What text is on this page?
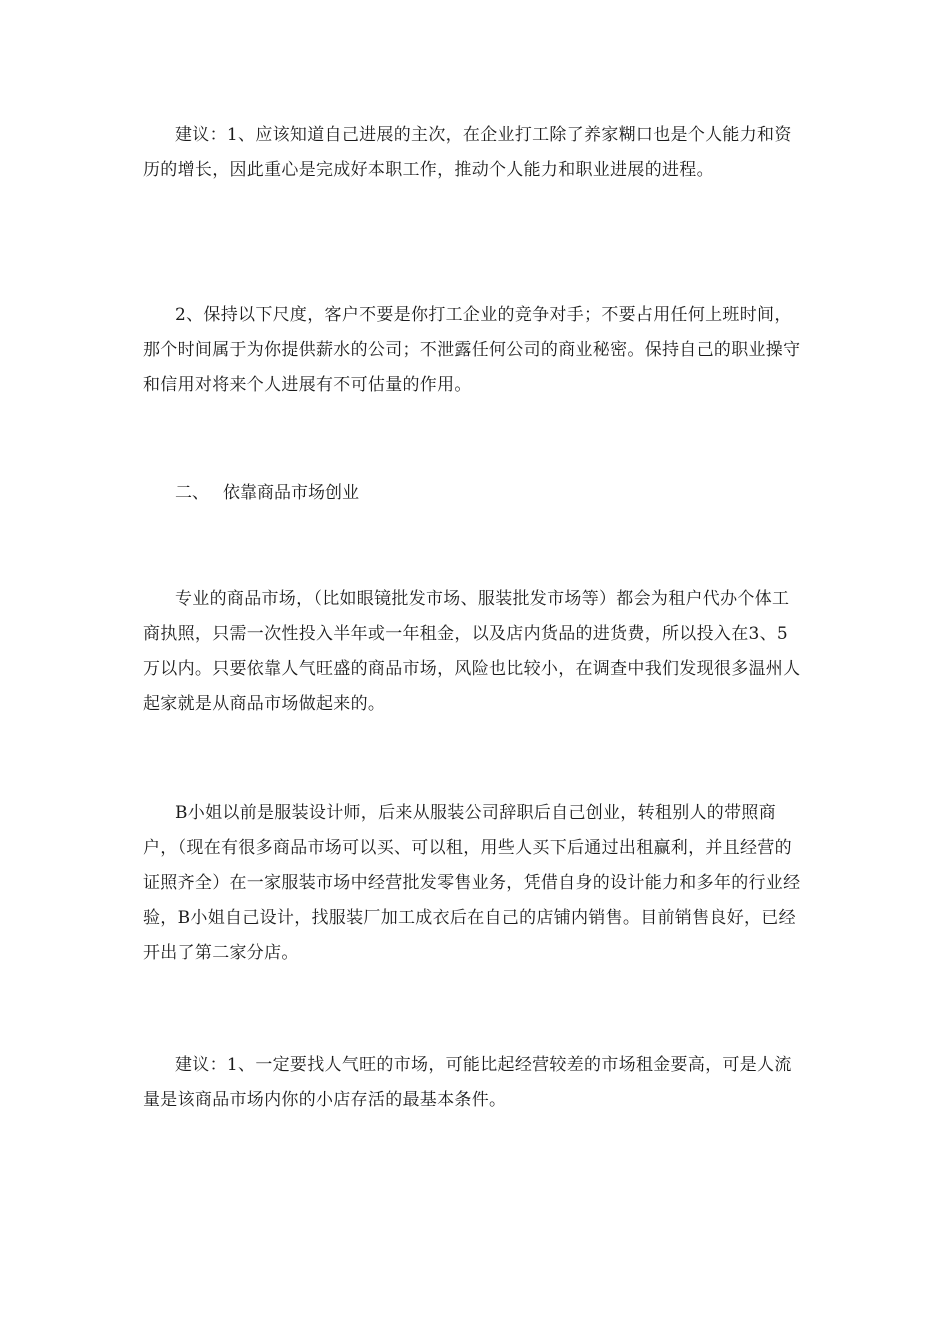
建议：1、应该知道自己进展的主次，在企业打工除了养家糊口也是个人能力和资历的增长，因此重心是完成好本职工作，推动个人能力和职业进展的进程。

2、保持以下尺度，客户不要是你打工企业的竞争对手；不要占用任何上班时间，那个时间属于为你提供薪水的公司；不泄露任何公司的商业秘密。保持自己的职业操守和信用对将来个人进展有不可估量的作用。

二、 依靠商品市场创业

专业的商品市场，（比如眼镜批发市场、服装批发市场等）都会为租户代办个体工商执照，只需一次性投入半年或一年租金，以及店内货品的进货费，所以投入在3、5万以内。只要依靠人气旺盛的商品市场，风险也比较小，在调查中我们发现很多温州人起家就是从商品市场做起来的。

B小姐以前是服装设计师，后来从服装公司辞职后自己创业，转租别人的带照商户，（现在有很多商品市场可以买、可以租，用些人买下后通过出租赢利，并且经营的证照齐全）在一家服装市场中经营批发零售业务，凭借自身的设计能力和多年的行业经验，B小姐自己设计，找服装厂加工成衣后在自己的店铺内销售。目前销售良好，已经开出了第二家分店。

建议：1、一定要找人气旺的市场，可能比起经营较差的市场租金要高，可是人流量是该商品市场内你的小店存活的最基本条件。
